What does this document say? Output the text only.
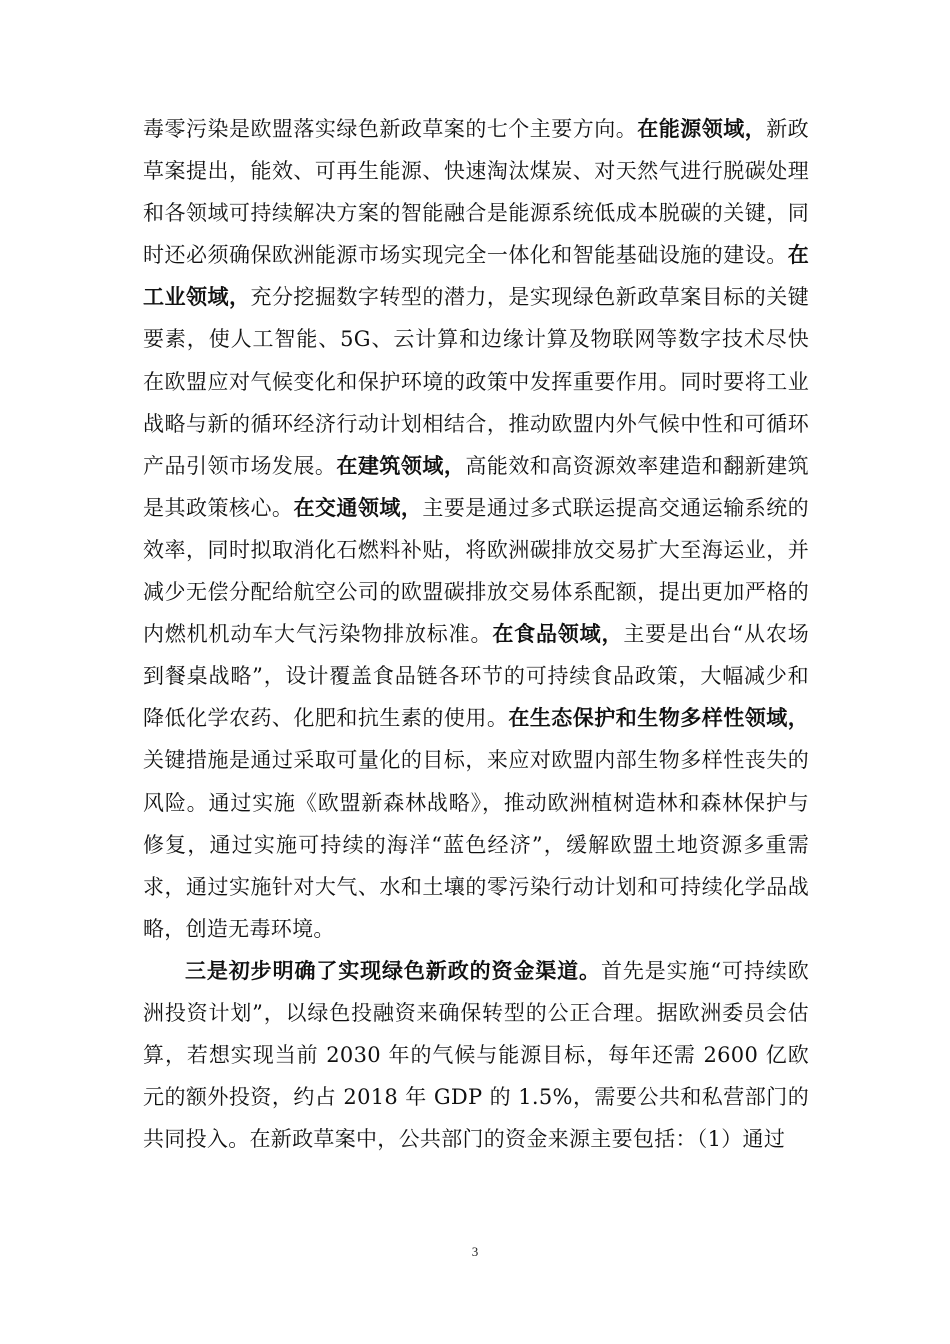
毒零污染是欧盟落实绿色新政草案的七个主要方向。在能源领域，新政草案提出，能效、可再生能源、快速淘汰煤炭、对天然气进行脱碳处理和各领域可持续解决方案的智能融合是能源系统低成本脱碳的关键，同时还必须确保欧洲能源市场实现完全一体化和智能基础设施的建设。在工业领域，充分挖掘数字转型的潜力，是实现绿色新政草案目标的关键要素，使人工智能、5G、云计算和边缘计算及物联网等数字技术尽快在欧盟应对气候变化和保护环境的政策中发挥重要作用。同时要将工业战略与新的循环经济行动计划相结合，推动欧盟内外气候中性和可循环产品引领市场发展。在建筑领域，高能效和高资源效率建造和翻新建筑是其政策核心。在交通领域，主要是通过多式联运提高交通运输系统的效率，同时拟取消化石燃料补贴，将欧洲碳排放交易扩大至海运业，并减少无偿分配给航空公司的欧盟碳排放交易体系配额，提出更加严格的内燃机机动车大气污染物排放标准。在食品领域，主要是出台“从农场到餐桌战略”，设计覆盖食品链各环节的可持续食品政策，大幅减少和降低化学农药、化肥和抗生素的使用。在生态保护和生物多样性领域，关键措施是通过采取可量化的目标，来应对欧盟内部生物多样性丧失的风险。通过实施《欧盟新森林战略》，推动欧洲植树造林和森林保护与修复，通过实施可持续的海洋“蓝色经济”，缓解欧盟土地资源多重需求，通过实施针对大气、水和土壤的零污染行动计划和可持续化学品战略，创造无毒环境。

三是初步明确了实现绿色新政的资金渠道。首先是实施“可持续欧洲投资计划”，以绿色投融资来确保转型的公正合理。据欧洲委员会估算，若想实现当前 2030 年的气候与能源目标，每年还需 2600 亿欧元的额外投资，约占 2018 年 GDP 的 1.5%，需要公共和私营部门的共同投入。在新政草案中，公共部门的资金来源主要包括：（1）通过

3
